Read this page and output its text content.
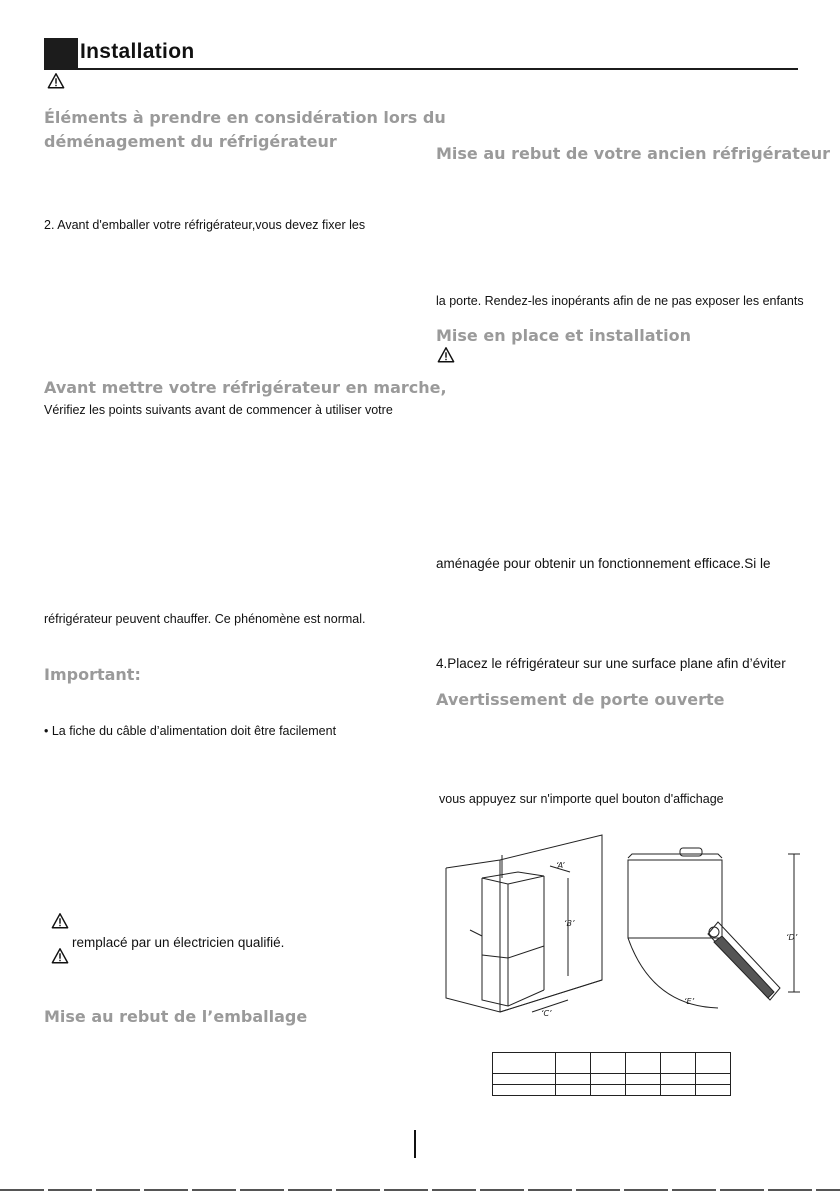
Installation
Éléments à prendre en considération lors du
déménagement du réfrigérateur
2. Avant d'emballer votre réfrigérateur,vous devez fixer les
Avant mettre votre réfrigérateur en marche,
Vérifiez les points suivants avant de commencer à utiliser votre
réfrigérateur peuvent chauffer. Ce phénomène est normal.
Important:
• La fiche du câble d’alimentation doit être facilement
remplacé par un électricien qualifié.
Mise au rebut de l’emballage
Mise au rebut de votre ancien réfrigérateur
la porte. Rendez-les inopérants afin de ne pas exposer les enfants
Mise en place et installation
aménagée pour obtenir un fonctionnement efficace.Si le
4.Placez le réfrigérateur sur une surface plane afin d’éviter
Avertissement de porte ouverte
vous appuyez sur n'importe quel bouton d'affichage
‘A’
‘B’
‘C’
‘D’
‘E’
